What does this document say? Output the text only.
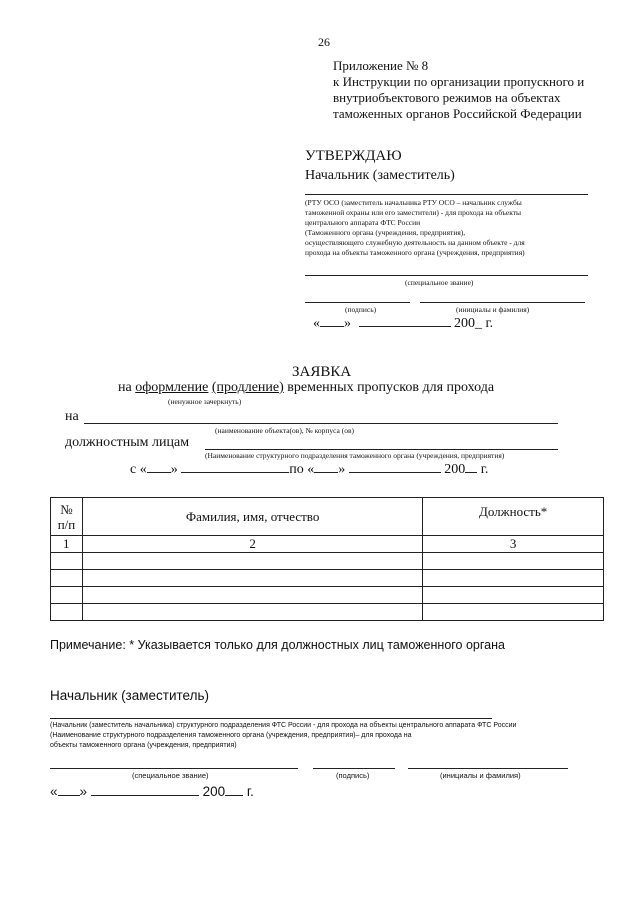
26
Приложение № 8
к Инструкции по организации пропускного и
внутриобъектового режимов на объектах
таможенных органов Российской Федерации
УТВЕРЖДАЮ
Начальник (заместитель)
(РТУ ОСО (заместитель начальника РТУ ОСО – начальник службы
таможенной охраны или его заместители) - для прохода на объекты
центрального аппарата ФТС России
(Таможенного органа (учреждения, предприятия),
осуществляющего служебную деятельность на данном объекте - для
прохода на объекты таможенного органа (учреждения, предприятия)
(специальное звание)
(подпись)	(инициалы и фамилия)
« »	200_ г.
ЗАЯВКА
на оформление (продление) временных пропусков для прохода
(ненужное зачеркнуть)
на
(наименование объекта(ов), № корпуса (ов)
должностным лицам
(Наименование структурного подразделения таможенного органа (учреждения, предприятия)
с « »	по « »	200 г.
№
п/п	Фамилия, имя, отчество	Должность*
1	2	3

Примечание: * Указывается только для должностных лиц таможенного органа
Начальник (заместитель)
(Начальник (заместитель начальника) структурного подразделения ФТС России - для прохода на объекты центрального аппарата ФТС России
(Наименование структурного подразделения таможенного органа (учреждения, предприятия)– для прохода на
объекты таможенного органа (учреждения, предприятия)
(специальное звание)	(подпись)	(инициалы и фамилия)
« »	200 г.
